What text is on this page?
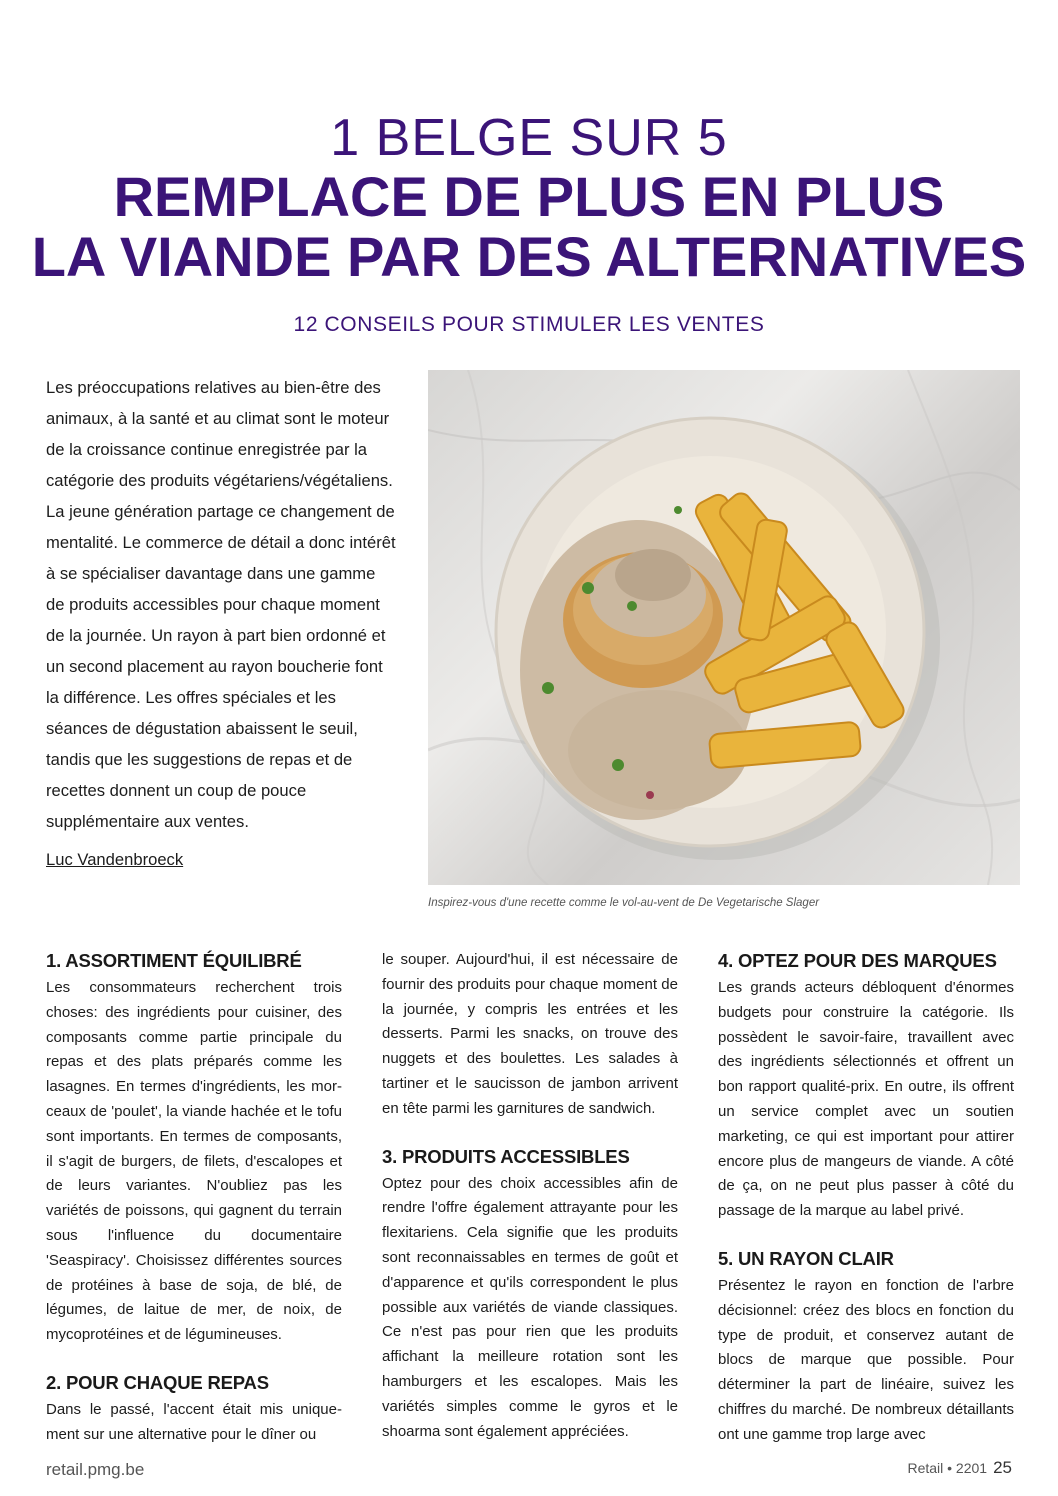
1 BELGE SUR 5
REMPLACE DE PLUS EN PLUS
LA VIANDE PAR DES ALTERNATIVES
12 CONSEILS POUR STIMULER LES VENTES
Les préoccupations relatives au bien-être des animaux, à la santé et au climat sont le moteur de la croissance continue enregistrée par la catégorie des produits végétariens/végétaliens. La jeune génération partage ce changement de mentalité. Le commerce de détail a donc intérêt à se spécialiser davantage dans une gamme de produits accessibles pour chaque moment de la journée. Un rayon à part bien ordonné et un second placement au rayon boucherie font la différence. Les offres spéciales et les séances de dégustation abaissent le seuil, tandis que les suggestions de repas et de recettes donnent un coup de pouce supplémentaire aux ventes.
Luc Vandenbroeck
Inspirez-vous d'une recette comme le vol-au-vent de De Vegetarische Slager
1. ASSORTIMENT ÉQUILIBRÉ

Les consommateurs recherchent trois choses: des ingrédients pour cuisiner, des composants comme partie principale du repas et des plats préparés comme les lasagnes. En termes d'ingrédients, les morceaux de 'poulet', la viande hachée et le tofu sont importants. En termes de composants, il s'agit de burgers, de filets, d'escalopes et de leurs variantes. N'oubliez pas les variétés de poissons, qui gagnent du terrain sous l'influence du documentaire 'Seaspiracy'. Choisissez différentes sources de protéines à base de soja, de blé, de légumes, de laitue de mer, de noix, de mycoprotéines et de légumineuses.

2. POUR CHAQUE REPAS

Dans le passé, l'accent était mis uniquement sur une alternative pour le dîner ou

le souper. Aujourd'hui, il est nécessaire de fournir des produits pour chaque moment de la journée, y compris les entrées et les desserts. Parmi les snacks, on trouve des nuggets et des boulettes. Les salades à tartiner et le saucisson de jambon arrivent en tête parmi les garnitures de sandwich.

3. PRODUITS ACCESSIBLES

Optez pour des choix accessibles afin de rendre l'offre également attrayante pour les flexitariens. Cela signifie que les produits sont reconnaissables en termes de goût et d'apparence et qu'ils correspondent le plus possible aux variétés de viande classiques. Ce n'est pas pour rien que les produits affichant la meilleure rotation sont les hamburgers et les escalopes. Mais les variétés simples comme le gyros et le shoarma sont également appréciées.

4. OPTEZ POUR DES MARQUES

Les grands acteurs débloquent d'énormes budgets pour construire la catégorie. Ils possèdent le savoir-faire, travaillent avec des ingrédients sélectionnés et offrent un bon rapport qualité-prix. En outre, ils offrent un service complet avec un soutien marketing, ce qui est important pour attirer encore plus de mangeurs de viande. A côté de ça, on ne peut plus passer à côté du passage de la marque au label privé.

5. UN RAYON CLAIR

Présentez le rayon en fonction de l'arbre décisionnel: créez des blocs en fonction du type de produit, et conservez autant de blocs de marque que possible. Pour déterminer la part de linéaire, suivez les chiffres du marché. De nombreux détaillants ont une gamme trop large avec

retail.pmg.be	Retail • 2201 25
